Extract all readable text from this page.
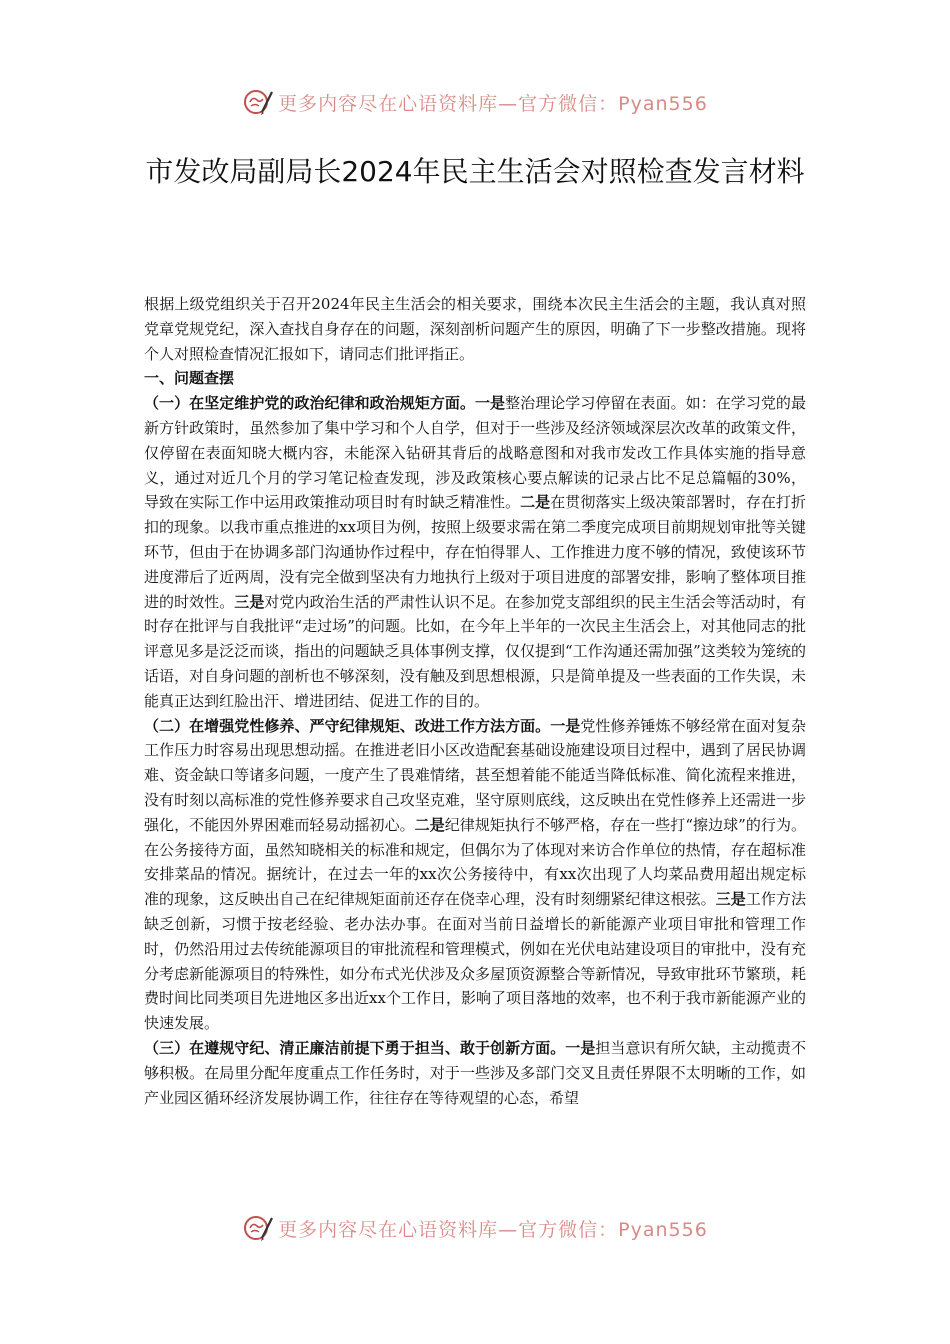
更多内容尽在心语资料库—官方微信：Pyan556
市发改局副局长2024年民主生活会对照检查发言材料

根据上级党组织关于召开2024年民主生活会的相关要求，围绕本次民主生活会的主题，我认真对照党章党规党纪，深入查找自身存在的问题，深刻剖析问题产生的原因，明确了下一步整改措施。现将个人对照检查情况汇报如下，请同志们批评指正。

一、问题查摆

（一）在坚定维护党的政治纪律和政治规矩方面。一是整治理论学习停留在表面。如：在学习党的最新方针政策时，虽然参加了集中学习和个人自学，但对于一些涉及经济领域深层次改革的政策文件，仅停留在表面知晓大概内容，未能深入钻研其背后的战略意图和对我市发改工作具体实施的指导意义，通过对近几个月的学习笔记检查发现，涉及政策核心要点解读的记录占比不足总篇幅的30%，导致在实际工作中运用政策推动项目时有时缺乏精准性。二是在贯彻落实上级决策部署时，存在打折扣的现象。以我市重点推进的xx项目为例，按照上级要求需在第二季度完成项目前期规划审批等关键环节，但由于在协调多部门沟通协作过程中，存在怕得罪人、工作推进力度不够的情况，致使该环节进度滞后了近两周，没有完全做到坚决有力地执行上级对于项目进度的部署安排，影响了整体项目推进的时效性。三是对党内政治生活的严肃性认识不足。在参加党支部组织的民主生活会等活动时，有时存在批评与自我批评“走过场”的问题。比如，在今年上半年的一次民主生活会上，对其他同志的批评意见多是泛泛而谈，指出的问题缺乏具体事例支撑，仅仅提到“工作沟通还需加强”这类较为笼统的话语，对自身问题的剖析也不够深刻，没有触及到思想根源，只是简单提及一些表面的工作失误，未能真正达到红脸出汗、增进团结、促进工作的目的。

（二）在增强党性修养、严守纪律规矩、改进工作方法方面。一是党性修养锤炼不够经常在面对复杂工作压力时容易出现思想动摇。在推进老旧小区改造配套基础设施建设项目过程中，遇到了居民协调难、资金缺口等诸多问题，一度产生了畏难情绪，甚至想着能不能适当降低标准、简化流程来推进，没有时刻以高标准的党性修养要求自己攻坚克难，坚守原则底线，这反映出在党性修养上还需进一步强化，不能因外界困难而轻易动摇初心。二是纪律规矩执行不够严格，存在一些打“擦边球”的行为。在公务接待方面，虽然知晓相关的标准和规定，但偶尔为了体现对来访合作单位的热情，存在超标准安排菜品的情况。据统计，在过去一年的xx次公务接待中，有xx次出现了人均菜品费用超出规定标准的现象，这反映出自己在纪律规矩面前还存在侥幸心理，没有时刻绷紧纪律这根弦。三是工作方法缺乏创新，习惯于按老经验、老办法办事。在面对当前日益增长的新能源产业项目审批和管理工作时，仍然沿用过去传统能源项目的审批流程和管理模式，例如在光伏电站建设项目的审批中，没有充分考虑新能源项目的特殊性，如分布式光伏涉及众多屋顶资源整合等新情况，导致审批环节繁琐，耗费时间比同类项目先进地区多出近xx个工作日，影响了项目落地的效率，也不利于我市新能源产业的快速发展。

（三）在遵规守纪、清正廉洁前提下勇于担当、敢于创新方面。一是担当意识有所欠缺，主动揽责不够积极。在局里分配年度重点工作任务时，对于一些涉及多部门交叉且责任界限不太明晰的工作，如产业园区循环经济发展协调工作，往往存在等待观望的心态，希望

更多内容尽在心语资料库—官方微信：Pyan556
